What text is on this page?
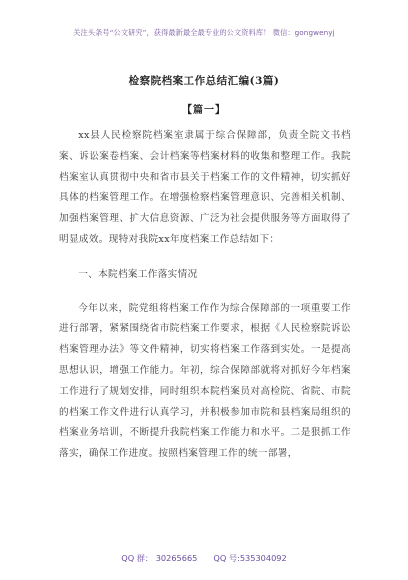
关注头条号“公文研究”，获得最新最全最专业的公文资料库！ 微信：gongwenyj
检察院档案工作总结汇编(3篇)
【篇一】

xx县人民检察院档案室隶属于综合保障部，负责全院文书档案、诉讼案卷档案、会计档案等档案材料的收集和整理工作。我院档案室认真贯彻中央和省市县关于档案工作的文件精神，切实抓好具体的档案管理工作。在增强检察档案管理意识、完善相关机制、加强档案管理、扩大信息资源、广泛为社会提供服务等方面取得了明显成效。现特对我院xx年度档案工作总结如下：

一、本院档案工作落实情况

今年以来，院党组将档案工作作为综合保障部的一项重要工作进行部署，紧紧围绕省市院档案工作要求，根据《人民检察院诉讼档案管理办法》等文件精神，切实将档案工作落到实处。一是提高思想认识，增强工作能力。年初，综合保障部就将对抓好今年档案工作进行了规划安排，同时组织本院档案员对高检院、省院、市院的档案工作文件进行认真学习，并积极参加市院和县档案局组织的档案业务培训，不断提升我院档案工作能力和水平。二是狠抓工作落实，确保工作进度。按照档案管理工作的统一部署，

QQ 群： 30265665 QQ 号:535304092
